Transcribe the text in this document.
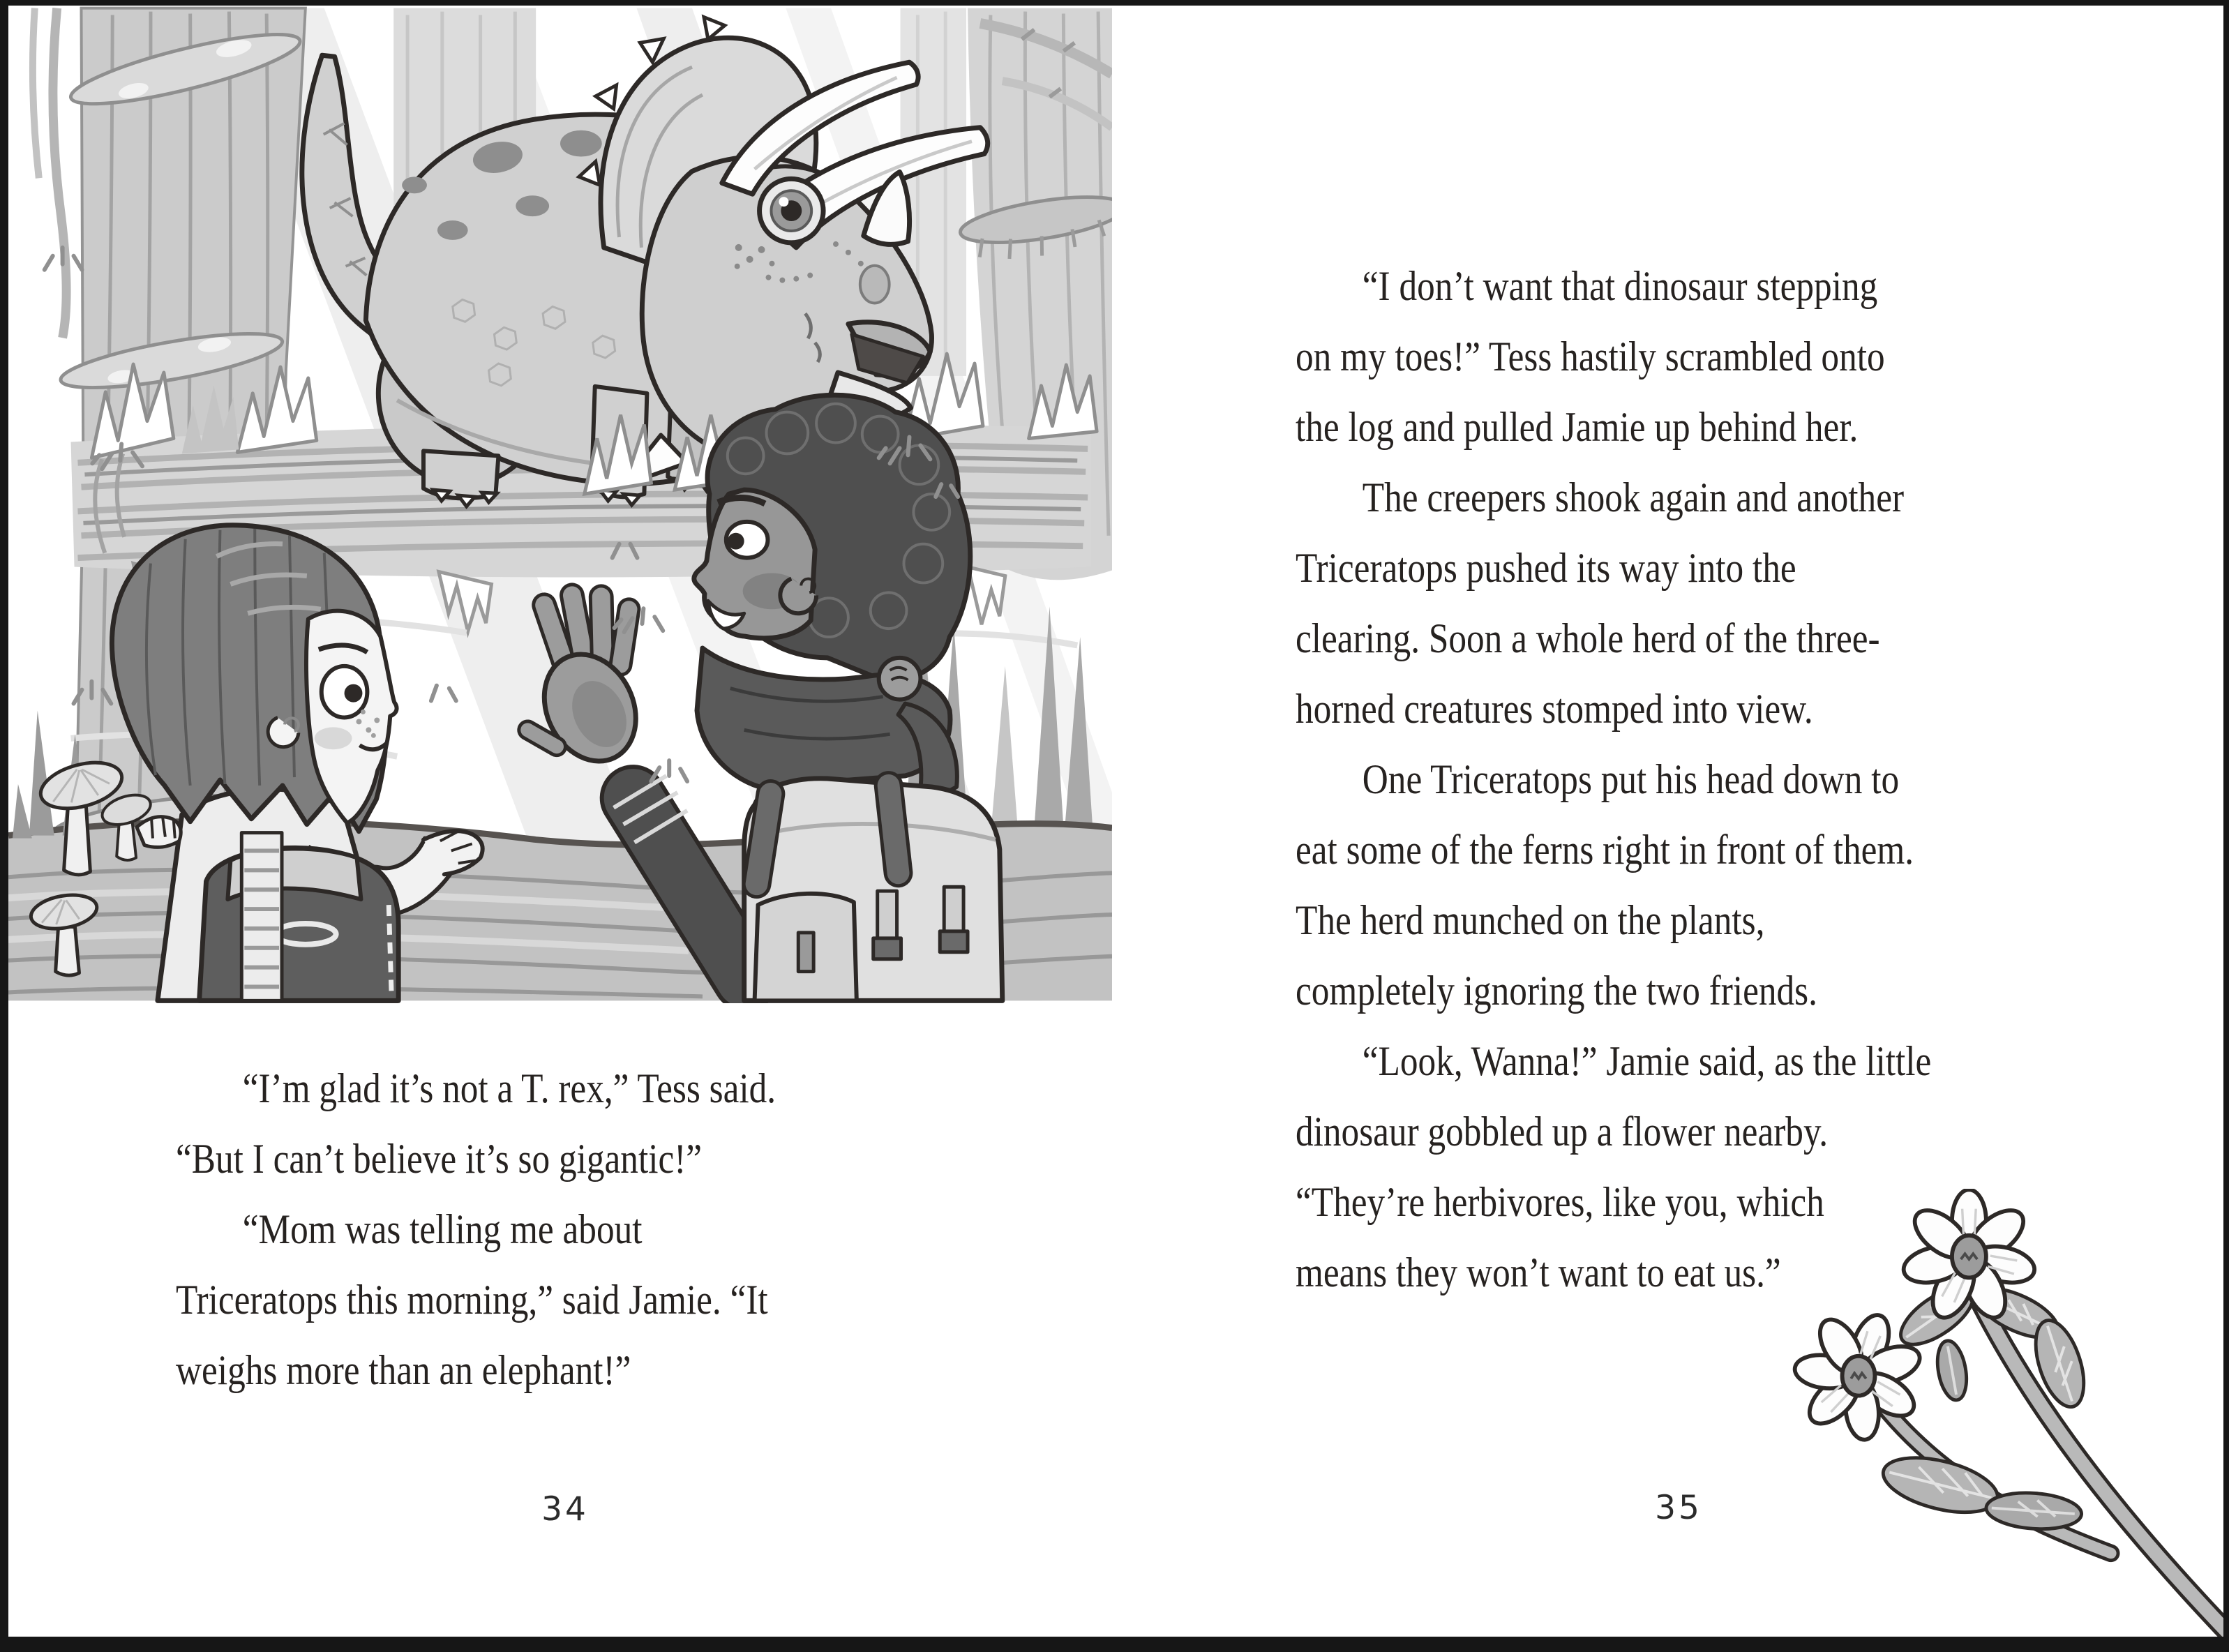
“I’m glad it’s not a T. rex,” Tess said.
“But I can’t believe it’s so gigantic!”
“Mom was telling me about
Triceratops this morning,” said Jamie. “It
weighs more than an elephant!”
34
“I don’t want that dinosaur stepping
on my toes!” Tess hastily scrambled onto
the log and pulled Jamie up behind her.
The creepers shook again and another
Triceratops pushed its way into the
clearing. Soon a whole herd of the three-
horned creatures stomped into view.
One Triceratops put his head down to
eat some of the ferns right in front of them.
The herd munched on the plants,
completely ignoring the two friends.
“Look, Wanna!” Jamie said, as the little
dinosaur gobbled up a flower nearby.
“They’re herbivores, like you, which
means they won’t want to eat us.”
35
